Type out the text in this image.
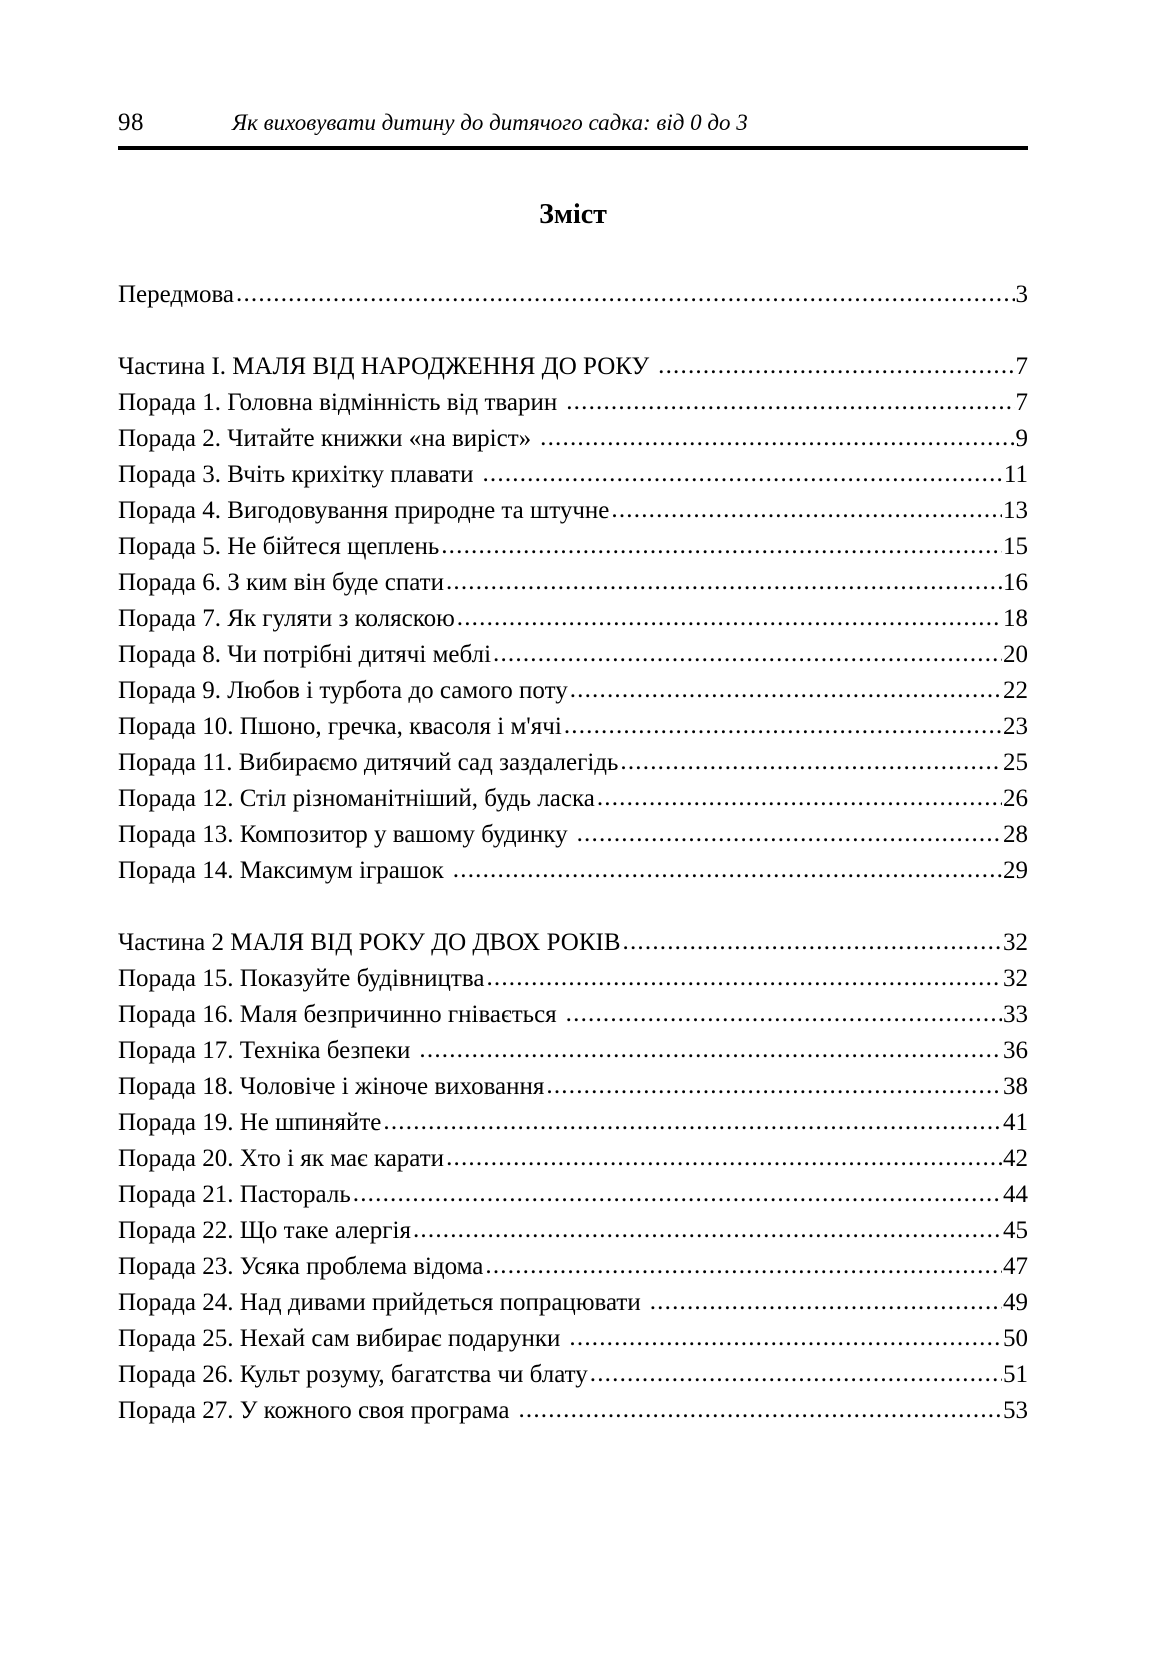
98	Як виховувати дитину до дитячого садка: від 0 до 3
Зміст
Передмова .....	3
Частина I. МАЛЯ ВІД НАРОДЖЕННЯ ДО РОКУ .....	7
Порада 1. Головна відмінність від тварин .....	7
Порада 2. Читайте книжки «на виріст» .....	9
Порада 3. Вчіть крихітку плавати .....	11
Порада 4. Вигодовування природне та штучне .....	13
Порада 5. Не бійтеся щеплень .....	15
Порада 6. З ким він буде спати .....	16
Порада 7. Як гуляти з коляскою .....	18
Порада 8. Чи потрібні дитячі меблі .....	20
Порада 9. Любов і турбота до самого поту .....	22
Порада 10. Пшоно, гречка, квасоля і м'ячі .....	23
Порада 11. Вибираємо дитячий сад заздалегідь .....	25
Порада 12. Стіл різноманітніший, будь ласка .....	26
Порада 13. Композитор у вашому будинку .....	28
Порада 14. Максимум іграшок .....	29
Частина 2 МАЛЯ ВІД РОКУ ДО ДВОХ РОКІВ .....	32
Порада 15. Показуйте будівництва .....	32
Порада 16. Маля безпричинно гнівається .....	33
Порада 17. Техніка безпеки .....	36
Порада 18. Чоловіче і жіноче виховання .....	38
Порада 19. Не шпиняйте .....	41
Порада 20. Хто і як має карати .....	42
Порада 21. Пастораль .....	44
Порада 22. Що таке алергія .....	45
Порада 23. Усяка проблема відома .....	47
Порада 24. Над дивами прийдеться попрацювати .....	49
Порада 25. Нехай сам вибирає подарунки .....	50
Порада 26. Культ розуму, багатства чи блату .....	51
Порада 27. У кожного своя програма .....	53
